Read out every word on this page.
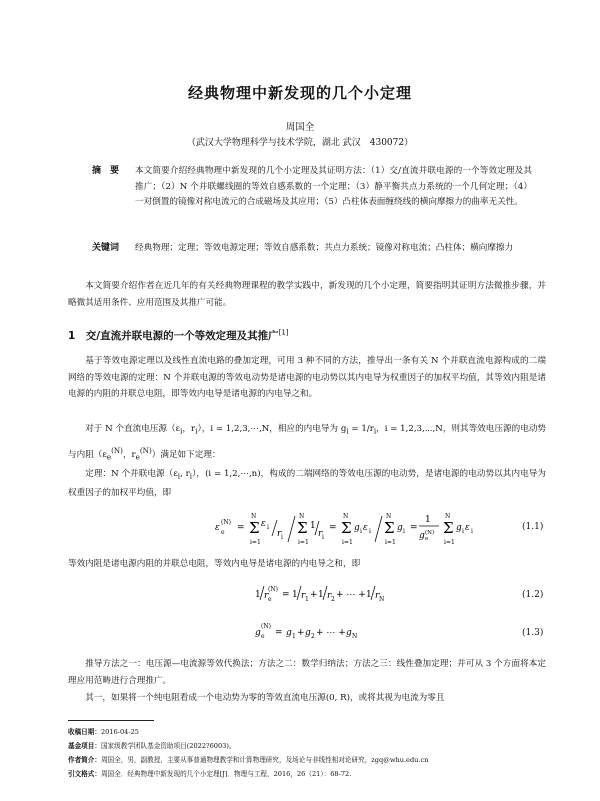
经典物理中新发现的几个小定理
周国全
（武汉大学物理科学与技术学院，湖北 武汉　430072）
摘　要 本文简要介绍经典物理中新发现的几个小定理及其证明方法：（1）交/直流并联电源的一个等效定理及其推广；（2）N 个并联螺线圈的等效自感系数的一个定理；（3）静平衡共点力系统的一个几何定理；（4）一对倒置的镜像对称电流元的合成磁场及其应用；（5）凸柱体表面缠绕线的横向摩擦力的曲率无关性。
关键词 经典物理；定理；等效电源定理；等效自感系数；共点力系统；镜像对称电流；凸柱体；横向摩擦力
本文简要介绍作者在近几年的有关经典物理课程的教学实践中，新发现的几个小定理，简要指明其证明方法微推步骤，并略微其适用条件、应用范围及其推广可能。
1　交/直流并联电源的一个等效定理及其推广[1]
基于等效电源定理以及线性直流电路的叠加定理，可用 3 种不同的方法，推导出一条有关 N 个并联直流电源构成的二端网络的等效电源的定理：N 个并联电源的等效电动势是诸电源的电动势以其内电导为权重因子的加权平均值，其等效内阻是诸电源的内阻的并联总电阻，即等效内电导是诸电源的内电导之和。
对于 N 个直流电压源（$\varepsilon_i$，$r_i$），i = 1,2,3,⋯,N，相应的内电导为 $g_i = 1/r_i$，i = 1,2,3,⋯,N，则其等效电压源的电动势与内阻（$\varepsilon_e^{(N)}$，$r_e^{(N)}$）满足如下定理：
定理：N 个并联电源（$\varepsilon_i$, $r_i$），(i = 1,2,⋯,n)，构成的二端网络的等效电压源的电动势，是诸电源的电动势以其内电导为权重因子的加权平均值，即
ε e
(N)
= Σ
N
i=1
ε i
r i
Σ
N
i=1
1
r i
= Σ
N
i=1
g i ε i Σ
N
i=1
g i =
1
g e
(N) Σ
N
i=1
g i ε i	(1.1)
等效内阻是诸电源内阻的并联总电阻，等效内电导是诸电源的内电导之和，即
1 r e
(N)
= 1 r 1 + 1 r 2 + ⋯ + 1 r N	(1.2)
g e
(N)
= g 1 + g 2 + ⋯ + g N	(1.3)
推导方法之一：电压源—电流源等效代换法；方法之二：数学归纳法；方法之三：线性叠加定理；并可从 3 个方面将本定理应用范畴进行合理推广。
其一，如果将一个纯电阻看成一个电动势为零的等效直流电压源(0, R)，或将其视为电流为零且
收稿日期：2016-04-25
基金项目：国家级教学团队基金资助项目(2022?6003)。
作者简介：周国全，男，副教授，主要从事普通物理教学和计算物理研究，及场论与非线性相对论研究，zgq@whu.edu.cn
引文格式：周国全．经典物理中新发现的几个小定理[J]．物理与工程，2016，26（21）：68-72.
